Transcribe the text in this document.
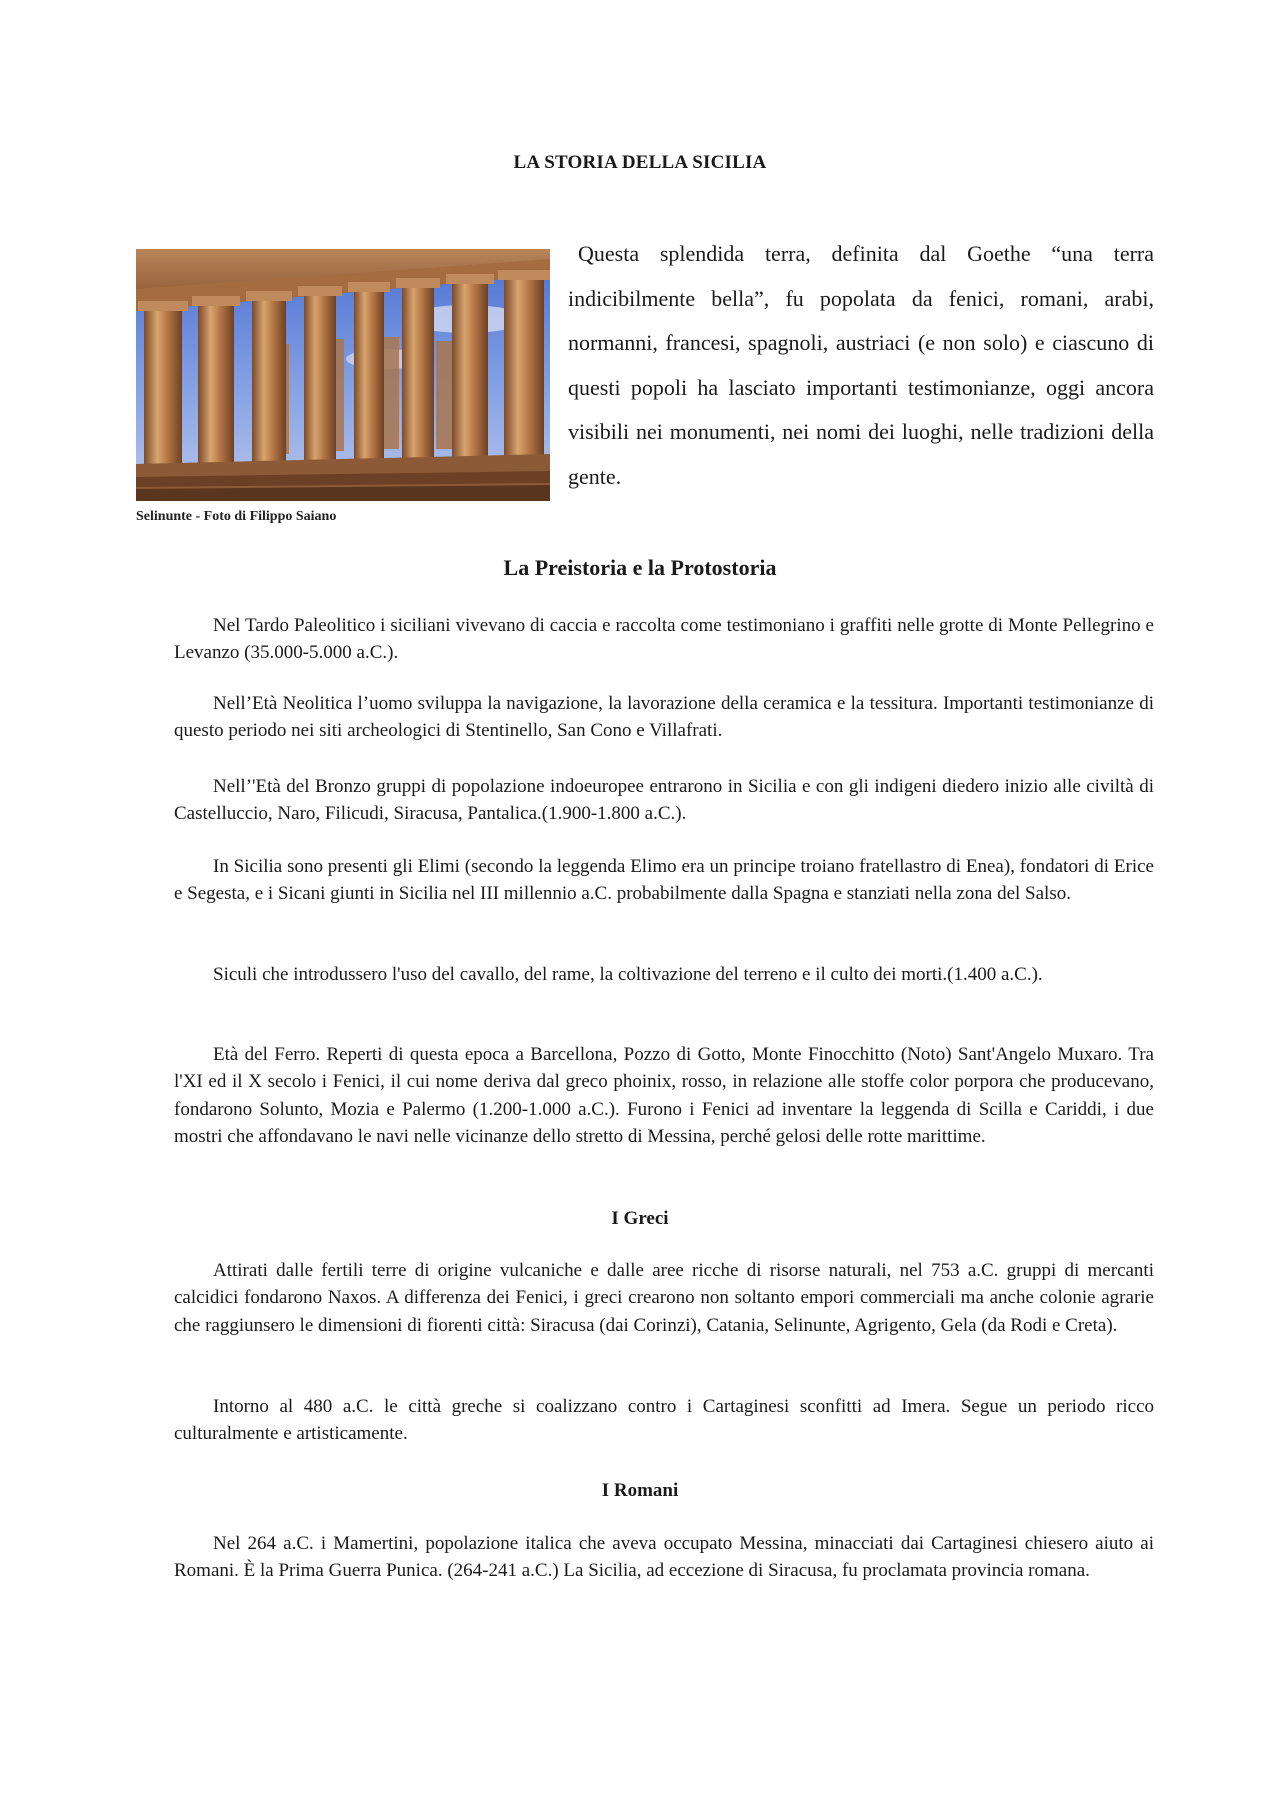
LA STORIA DELLA SICILIA
Selinunte - Foto di Filippo Saiano

Questa splendida terra, definita dal Goethe “una terra indicibilmente bella”, fu popolata da fenici, romani, arabi, normanni, francesi, spagnoli, austriaci (e non solo) e ciascuno di questi popoli ha lasciato importanti testimonianze, oggi ancora visibili nei monumenti, nei nomi dei luoghi, nelle tradizioni della gente.

La Preistoria e la Protostoria

Nel Tardo Paleolitico i siciliani vivevano di caccia e raccolta come testimoniano i graffiti nelle grotte di Monte Pellegrino e Levanzo (35.000-5.000 a.C.).

Nell’Età Neolitica l’uomo sviluppa la navigazione, la lavorazione della ceramica e la tessitura. Importanti testimonianze di questo periodo nei siti archeologici di Stentinello, San Cono e Villafrati.

Nell’'Età del Bronzo gruppi di popolazione indoeuropee entrarono in Sicilia e con gli indigeni diedero inizio alle civiltà di Castelluccio, Naro, Filicudi, Siracusa, Pantalica.(1.900-1.800 a.C.).

In Sicilia sono presenti gli Elimi (secondo la leggenda Elimo era un principe troiano fratellastro di Enea), fondatori di Erice e Segesta, e i Sicani giunti in Sicilia nel III millennio a.C. probabilmente dalla Spagna e stanziati nella zona del Salso.

Siculi che introdussero l'uso del cavallo, del rame, la coltivazione del terreno e il culto dei morti.(1.400 a.C.).

Età del Ferro. Reperti di questa epoca a Barcellona, Pozzo di Gotto, Monte Finocchitto (Noto) Sant'Angelo Muxaro. Tra l'XI ed il X secolo i Fenici, il cui nome deriva dal greco phoinix, rosso, in relazione alle stoffe color porpora che producevano, fondarono Solunto, Mozia e Palermo (1.200-1.000 a.C.). Furono i Fenici ad inventare la leggenda di Scilla e Cariddi, i due mostri che affondavano le navi nelle vicinanze dello stretto di Messina, perché gelosi delle rotte marittime.

I Greci

Attirati dalle fertili terre di origine vulcaniche e dalle aree ricche di risorse naturali, nel 753 a.C. gruppi di mercanti calcidici fondarono Naxos. A differenza dei Fenici, i greci crearono non soltanto empori commerciali ma anche colonie agrarie che raggiunsero le dimensioni di fiorenti città: Siracusa (dai Corinzi), Catania, Selinunte, Agrigento, Gela (da Rodi e Creta).

Intorno al 480 a.C. le città greche si coalizzano contro i Cartaginesi sconfitti ad Imera. Segue un periodo ricco culturalmente e artisticamente.

I Romani

Nel 264 a.C. i Mamertini, popolazione italica che aveva occupato Messina, minacciati dai Cartaginesi chiesero aiuto ai Romani. È la Prima Guerra Punica. (264-241 a.C.) La Sicilia, ad eccezione di Siracusa, fu proclamata provincia romana.
